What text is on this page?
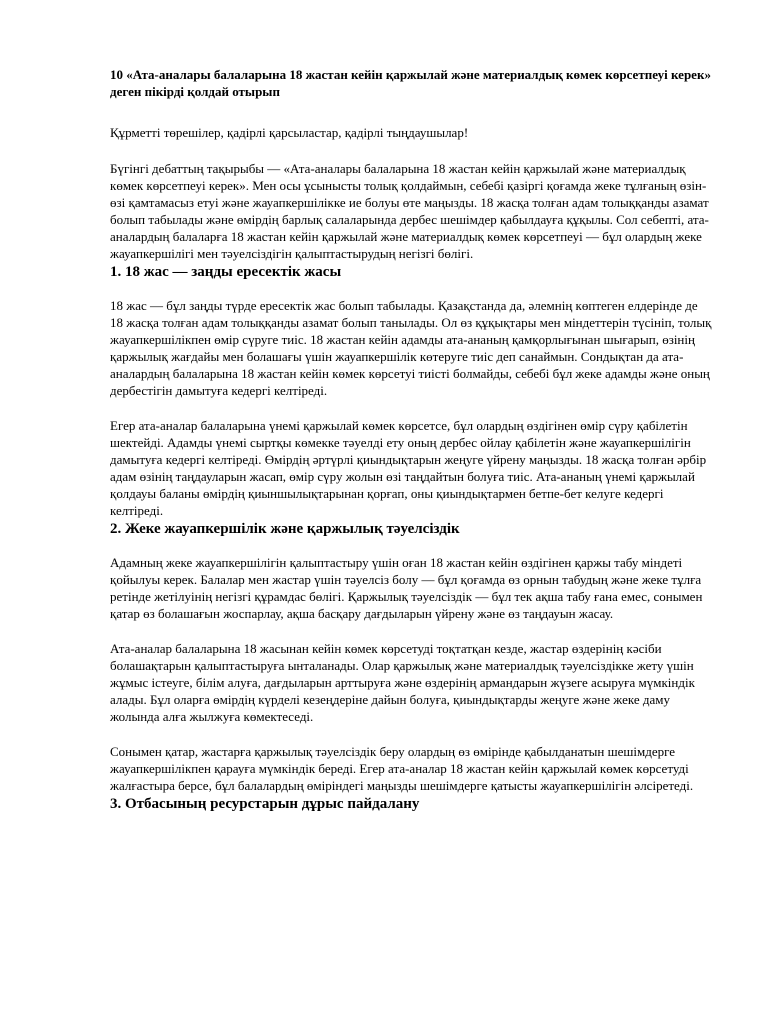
10 «Ата-аналары балаларына 18 жастан кейін қаржылай және материалдық көмек көрсетпеуі керек» деген пікірді қолдай отырып

Құрметті төрешілер, қадірлі қарсыластар, қадірлі тыңдаушылар!

Бүгінгі дебаттың тақырыбы — «Ата-аналары балаларына 18 жастан кейін қаржылай және материалдық көмек көрсетпеуі керек». Мен осы ұсынысты толық қолдаймын, себебі қазіргі қоғамда жеке тұлғаның өзін-өзі қамтамасыз етуі және жауапкершілікке ие болуы өте маңызды. 18 жасқа толған адам толыққанды азамат болып табылады және өмірдің барлық салаларында дербес шешімдер қабылдауға құқылы. Сол себепті, ата-аналардың балаларға 18 жастан кейін қаржылай және материалдық көмек көрсетпеуі — бұл олардың жеке жауапкершілігі мен тәуелсіздігін қалыптастырудың негізгі бөлігі.

1. 18 жас — заңды ересектік жасы

18 жас — бұл заңды түрде ересектік жас болып табылады. Қазақстанда да, әлемнің көптеген елдерінде де 18 жасқа толған адам толыққанды азамат болып танылады. Ол өз құқықтары мен міндеттерін түсініп, толық жауапкершілікпен өмір сүруге тиіс. 18 жастан кейін адамды ата-ананың қамқорлығынан шығарып, өзінің қаржылық жағдайы мен болашағы үшін жауапкершілік көтеруге тиіс деп санаймын. Сондықтан да ата-аналардың балаларына 18 жастан кейін көмек көрсетуі тиісті болмайды, себебі бұл жеке адамды және оның дербестігін дамытуға кедергі келтіреді.

Егер ата-аналар балаларына үнемі қаржылай көмек көрсетсе, бұл олардың өздігінен өмір сүру қабілетін шектейді. Адамды үнемі сыртқы көмекке тәуелді ету оның дербес ойлау қабілетін және жауапкершілігін дамытуға кедергі келтіреді. Өмірдің әртүрлі қиындықтарын жеңуге үйрену маңызды. 18 жасқа толған әрбір адам өзінің таңдауларын жасап, өмір сүру жолын өзі таңдайтын болуға тиіс. Ата-ананың үнемі қаржылай қолдауы баланы өмірдің қиыншылықтарынан қорғап, оны қиындықтармен бетпе-бет келуге кедергі келтіреді.

2. Жеке жауапкершілік және қаржылық тәуелсіздік

Адамның жеке жауапкершілігін қалыптастыру үшін оған 18 жастан кейін өздігінен қаржы табу міндеті қойылуы керек. Балалар мен жастар үшін тәуелсіз болу — бұл қоғамда өз орнын табудың және жеке тұлға ретінде жетілуінің негізгі құрамдас бөлігі. Қаржылық тәуелсіздік — бұл тек ақша табу ғана емес, сонымен қатар өз болашағын жоспарлау, ақша басқару дағдыларын үйрену және өз таңдауын жасау.

Ата-аналар балаларына 18 жасынан кейін көмек көрсетуді тоқтатқан кезде, жастар өздерінің кәсіби болашақтарын қалыптастыруға ынталанады. Олар қаржылық және материалдық тәуелсіздікке жету үшін жұмыс істеуге, білім алуға, дағдыларын арттыруға және өздерінің армандарын жүзеге асыруға мүмкіндік алады. Бұл оларға өмірдің күрделі кезеңдеріне дайын болуға, қиындықтарды жеңуге және жеке даму жолында алға жылжуға көмектеседі.

Сонымен қатар, жастарға қаржылық тәуелсіздік беру олардың өз өмірінде қабылданатын шешімдерге жауапкершілікпен қарауға мүмкіндік береді. Егер ата-аналар 18 жастан кейін қаржылай көмек көрсетуді жалғастыра берсе, бұл балалардың өміріндегі маңызды шешімдерге қатысты жауапкершілігін әлсіретеді.

3. Отбасының ресурстарын дұрыс пайдалану
